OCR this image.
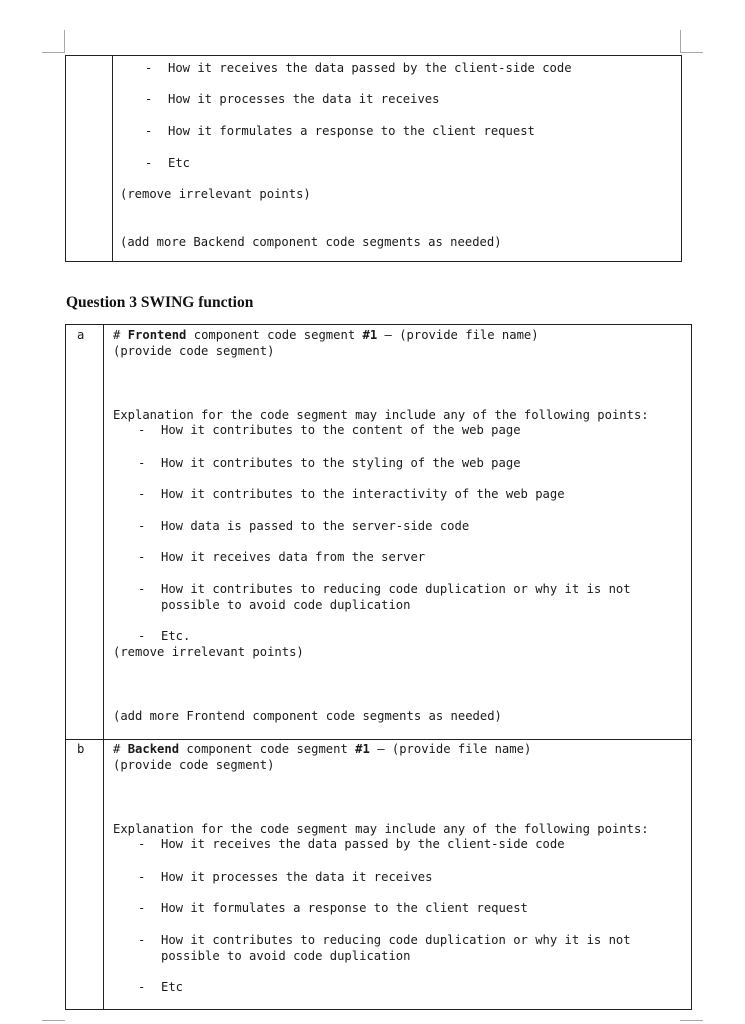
- How it receives the data passed by the client-side code
- How it processes the data it receives
- How it formulates a response to the client request
- Etc
(remove irrelevant points)
(add more Backend component code segments as needed)
Question 3 SWING function
a # Frontend component code segment #1 – (provide file name)
(provide code segment)
Explanation for the code segment may include any of the following points:
- How it contributes to the content of the web page
- How it contributes to the styling of the web page
- How it contributes to the interactivity of the web page
- How data is passed to the server-side code
- How it receives data from the server
- How it contributes to reducing code duplication or why it is not
possible to avoid code duplication
- Etc.
(remove irrelevant points)
(add more Frontend component code segments as needed)
b # Backend component code segment #1 – (provide file name)
(provide code segment)
Explanation for the code segment may include any of the following points:
- How it receives the data passed by the client-side code
- How it processes the data it receives
- How it formulates a response to the client request
- How it contributes to reducing code duplication or why it is not
possible to avoid code duplication
- Etc
